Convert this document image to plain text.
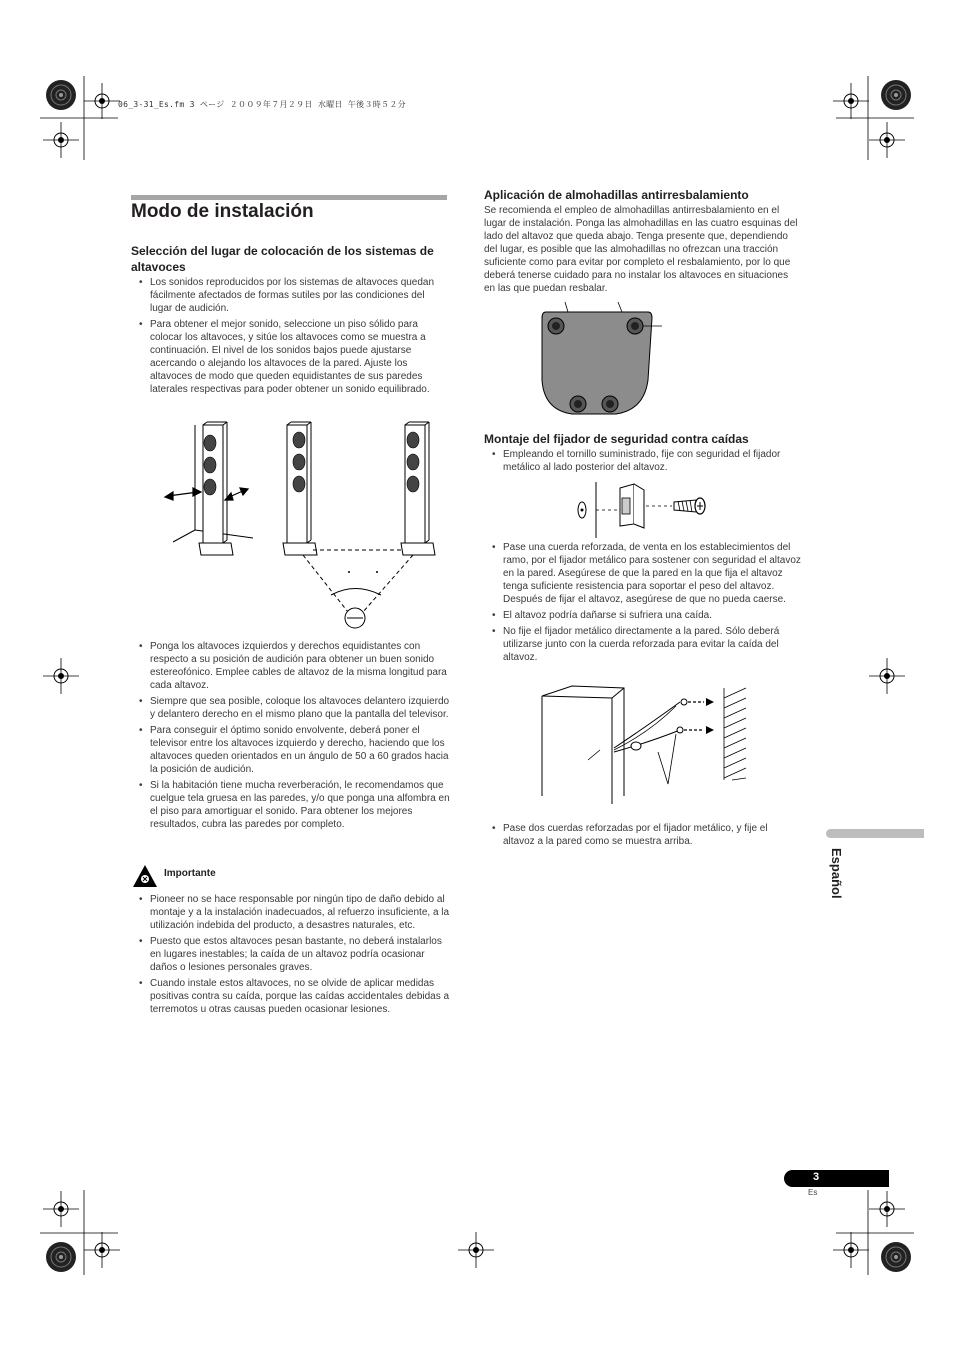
06_3-31_Es.fm 3 ページ ２００９年７月２９日 水曜日 午後３時５２分
Modo de instalación
Selección del lugar de colocación de los sistemas de altavoces
• Los sonidos reproducidos por los sistemas de altavoces quedan fácilmente afectados de formas sutiles por las condiciones del lugar de audición.
• Para obtener el mejor sonido, seleccione un piso sólido para colocar los altavoces, y sitúe los altavoces como se muestra a continuación. El nivel de los sonidos bajos puede ajustarse acercando o alejando los altavoces de la pared. Ajuste los altavoces de modo que queden equidistantes de sus paredes laterales respectivas para poder obtener un sonido equilibrado.
• Ponga los altavoces izquierdos y derechos equidistantes con respecto a su posición de audición para obtener un buen sonido estereofónico. Emplee cables de altavoz de la misma longitud para cada altavoz.
• Siempre que sea posible, coloque los altavoces delantero izquierdo y delantero derecho en el mismo plano que la pantalla del televisor.
• Para conseguir el óptimo sonido envolvente, deberá poner el televisor entre los altavoces izquierdo y derecho, haciendo que los altavoces queden orientados en un ángulo de 50 a 60 grados hacia la posición de audición.
• Si la habitación tiene mucha reverberación, le recomendamos que cuelgue tela gruesa en las paredes, y/o que ponga una alfombra en el piso para amortiguar el sonido. Para obtener los mejores resultados, cubra las paredes por completo.
Importante
• Pioneer no se hace responsable por ningún tipo de daño debido al montaje y a la instalación inadecuados, al refuerzo insuficiente, a la utilización indebida del producto, a desastres naturales, etc.
• Puesto que estos altavoces pesan bastante, no deberá instalarlos en lugares inestables; la caída de un altavoz podría ocasionar daños o lesiones personales graves.
• Cuando instale estos altavoces, no se olvide de aplicar medidas positivas contra su caída, porque las caídas accidentales debidas a terremotos u otras causas pueden ocasionar lesiones.
Aplicación de almohadillas antirresbalamiento
Se recomienda el empleo de almohadillas antirresbalamiento en el lugar de instalación. Ponga las almohadillas en las cuatro esquinas del lado del altavoz que queda abajo. Tenga presente que, dependiendo del lugar, es posible que las almohadillas no ofrezcan una tracción suficiente como para evitar por completo el resbalamiento, por lo que deberá tenerse cuidado para no instalar los altavoces en situaciones en las que puedan resbalar.
Montaje del fijador de seguridad contra caídas
• Empleando el tornillo suministrado, fije con seguridad el fijador metálico al lado posterior del altavoz.
• Pase una cuerda reforzada, de venta en los establecimientos del ramo, por el fijador metálico para sostener con seguridad el altavoz en la pared. Asegúrese de que la pared en la que fija el altavoz tenga suficiente resistencia para soportar el peso del altavoz. Después de fijar el altavoz, asegúrese de que no pueda caerse.
• El altavoz podría dañarse si sufriera una caída.
• No fije el fijador metálico directamente a la pared. Sólo deberá utilizarse junto con la cuerda reforzada para evitar la caída del altavoz.
• Pase dos cuerdas reforzadas por el fijador metálico, y fije el altavoz a la pared como se muestra arriba.
Español
3
Es
